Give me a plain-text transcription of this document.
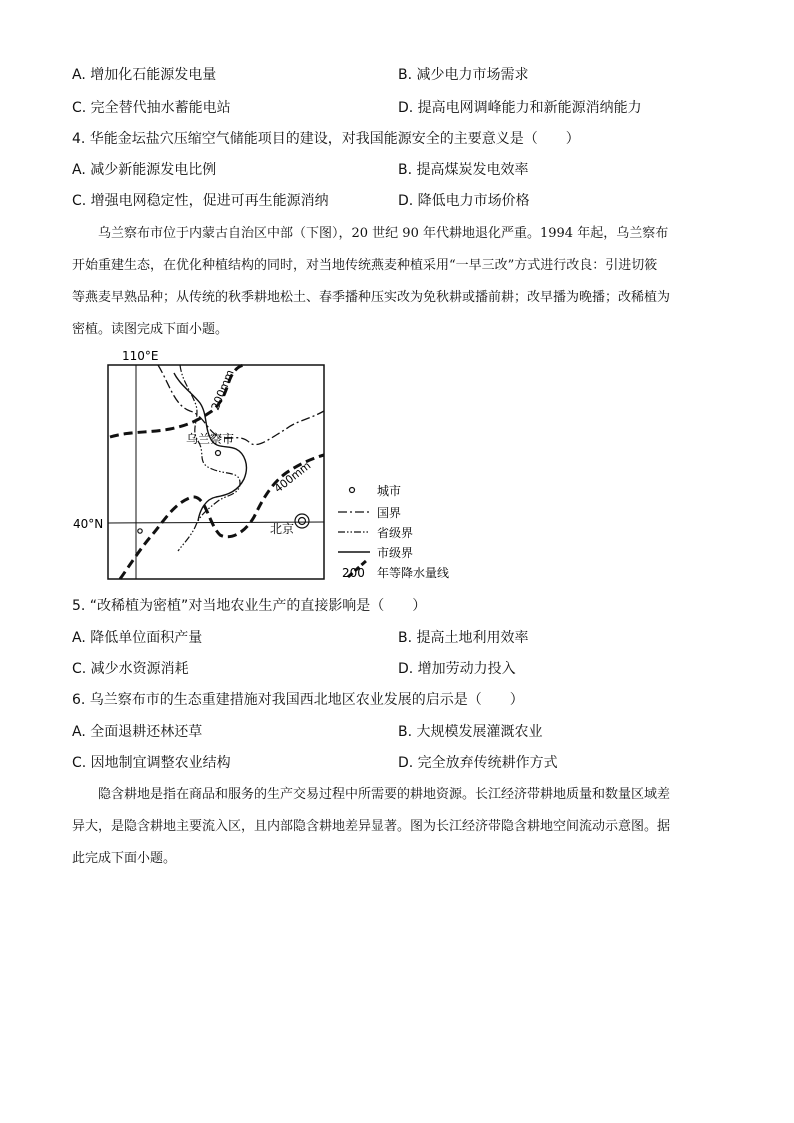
A. 增加化石能源发电量	B. 减少电力市场需求
C. 完全替代抽水蓄能电站	D. 提高电网调峰能力和新能源消纳能力
4. 华能金坛盐穴压缩空气储能项目的建设，对我国能源安全的主要意义是（　　）
A. 减少新能源发电比例	B. 提高煤炭发电效率
C. 增强电网稳定性，促进可再生能源消纳	D. 降低电力市场价格
乌兰察布市位于内蒙古自治区中部（下图），20 世纪 90 年代耕地退化严重。1994 年起，乌兰察布
开始重建生态，在优化种植结构的同时，对当地传统燕麦种植采用“一早三改”方式进行改良：引进切筱
等燕麦早熟品种；从传统的秋季耕地松土、春季播种压实改为免秋耕或播前耕；改早播为晚播；改稀植为
密植。读图完成下面小题。
110°E
40°N
200mm
400mm
乌兰察市
北京
城市
国界
省级界
市级界
200 年等降水量线
5. “改稀植为密植”对当地农业生产的直接影响是（　　）
A. 降低单位面积产量	B. 提高土地利用效率
C. 减少水资源消耗	D. 增加劳动力投入
6. 乌兰察布市的生态重建措施对我国西北地区农业发展的启示是（　　）
A. 全面退耕还林还草	B. 大规模发展灌溉农业
C. 因地制宜调整农业结构	D. 完全放弃传统耕作方式
隐含耕地是指在商品和服务的生产交易过程中所需要的耕地资源。长江经济带耕地质量和数量区域差
异大，是隐含耕地主要流入区，且内部隐含耕地差异显著。图为长江经济带隐含耕地空间流动示意图。据
此完成下面小题。
